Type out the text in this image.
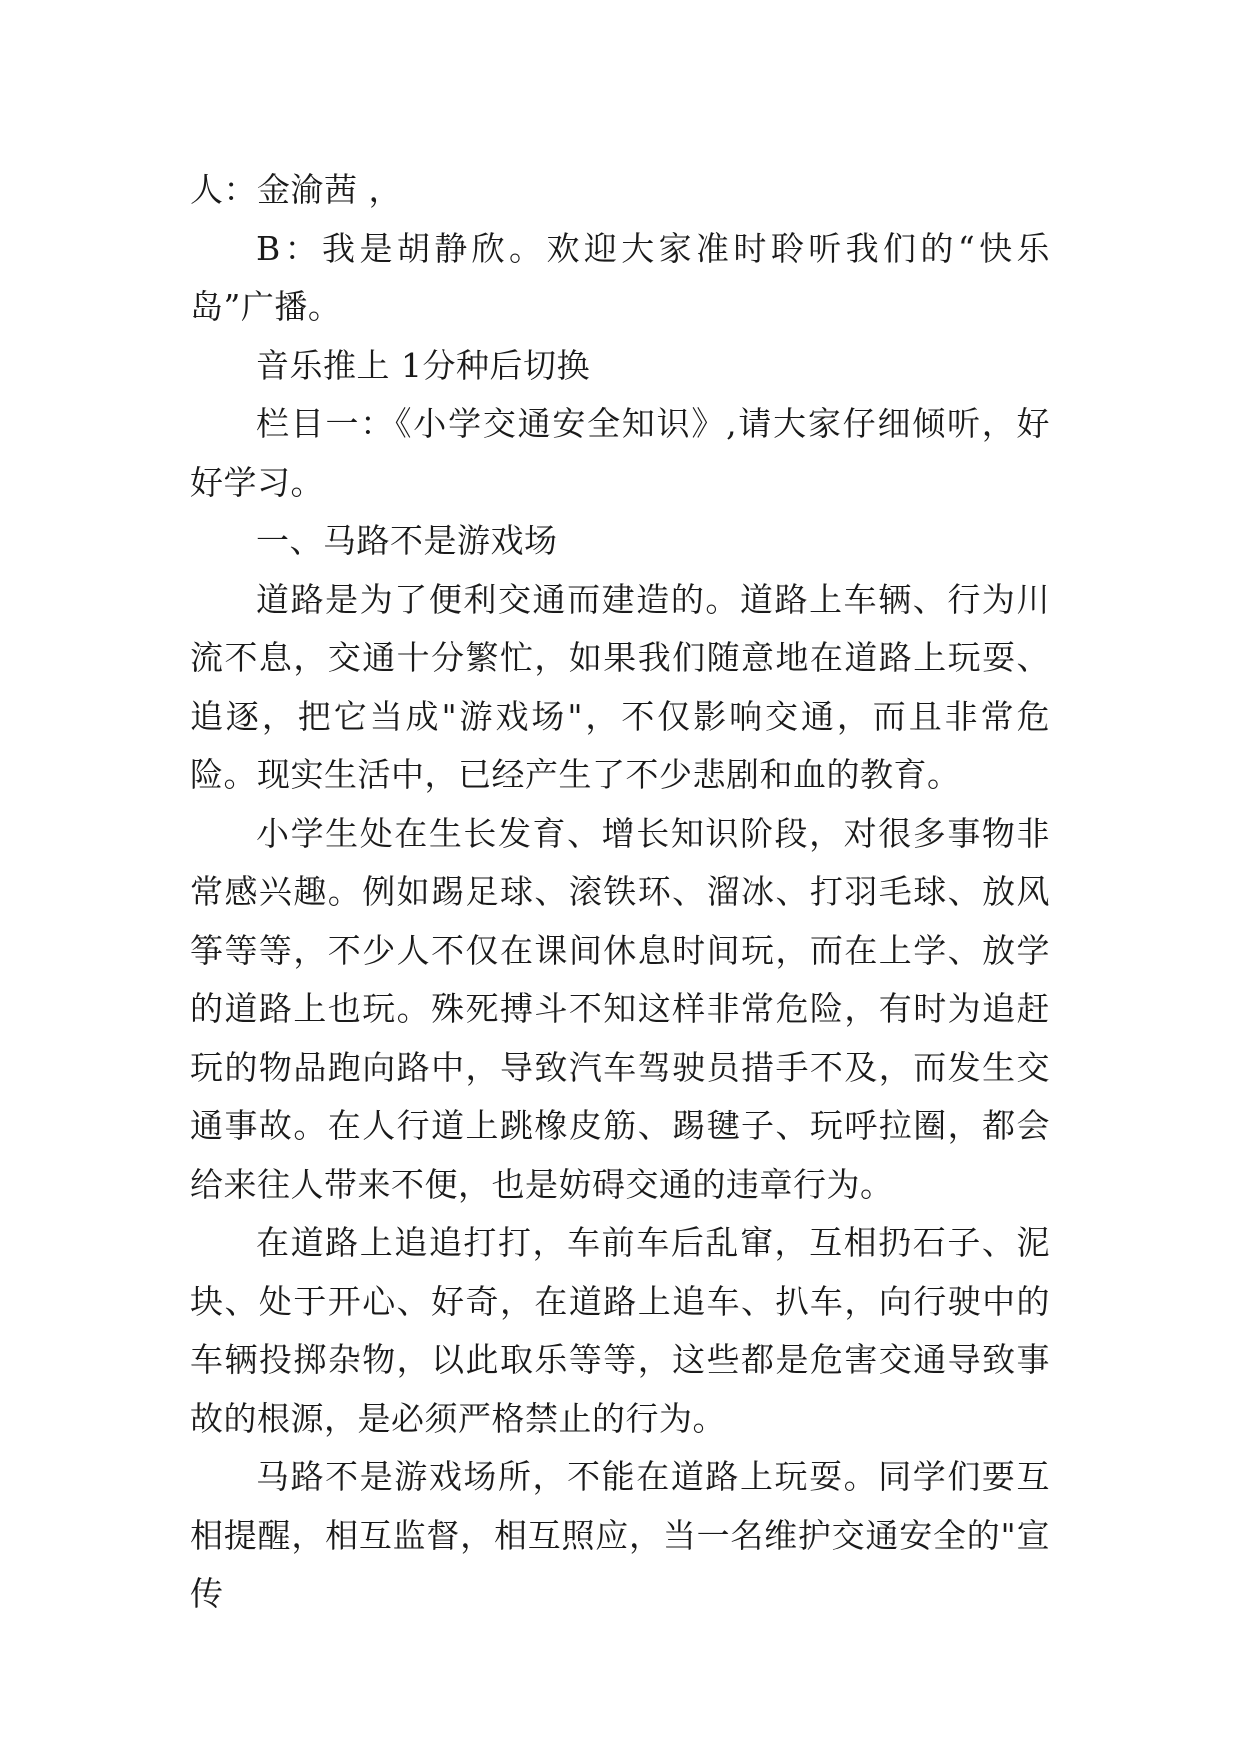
人：金渝茜 ，

B：我是胡静欣。欢迎大家准时聆听我们的“快乐岛”广播。

音乐推上 1分种后切换

栏目一：《小学交通安全知识》,请大家仔细倾听，好好学习。

一、马路不是游戏场

道路是为了便利交通而建造的。道路上车辆、行为川流不息，交通十分繁忙，如果我们随意地在道路上玩耍、追逐，把它当成"游戏场"，不仅影响交通，而且非常危险。现实生活中，已经产生了不少悲剧和血的教育。

小学生处在生长发育、增长知识阶段，对很多事物非常感兴趣。例如踢足球、滚铁环、溜冰、打羽毛球、放风筝等等，不少人不仅在课间休息时间玩，而在上学、放学的道路上也玩。殊死搏斗不知这样非常危险，有时为追赶玩的物品跑向路中，导致汽车驾驶员措手不及，而发生交通事故。在人行道上跳橡皮筋、踢毽子、玩呼拉圈，都会给来往人带来不便，也是妨碍交通的违章行为。

在道路上追追打打，车前车后乱窜，互相扔石子、泥块、处于开心、好奇，在道路上追车、扒车，向行驶中的车辆投掷杂物，以此取乐等等，这些都是危害交通导致事故的根源，是必须严格禁止的行为。

马路不是游戏场所，不能在道路上玩耍。同学们要互相提醒，相互监督，相互照应，当一名维护交通安全的"宣传
